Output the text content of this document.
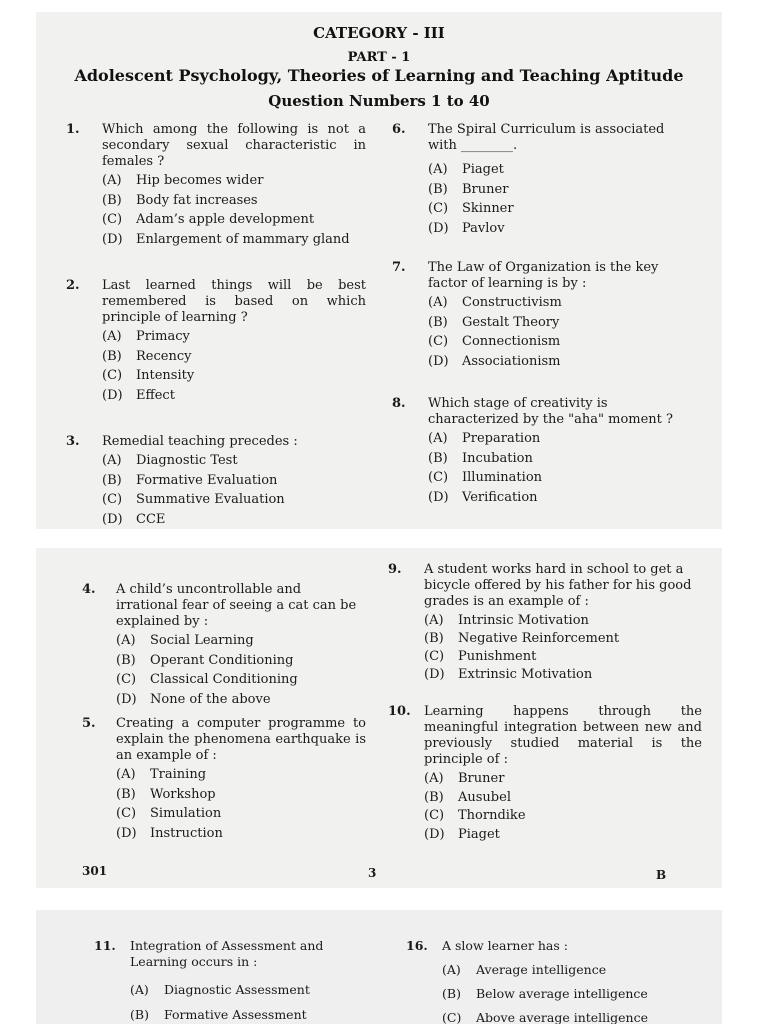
CATEGORY - III
PART - 1
Adolescent Psychology, Theories of Learning and Teaching Aptitude
Question Numbers 1 to 40
1.	Which among the following is not a secondary sexual characteristic in females ?
(A) Hip becomes wider
(B) Body fat increases
(C) Adam’s apple development
(D) Enlargement of mammary gland
2.	Last learned things will be best remembered is based on which principle of learning ?
(A) Primacy
(B) Recency
(C) Intensity
(D) Effect
3.	Remedial teaching precedes :
(A) Diagnostic Test
(B) Formative Evaluation
(C) Summative Evaluation
(D) CCE
6.	The Spiral Curriculum is associated with ________.
(A) Piaget
(B) Bruner
(C) Skinner
(D) Pavlov
7.	The Law of Organization is the key factor of learning is by :
(A) Constructivism
(B) Gestalt Theory
(C) Connectionism
(D) Associationism
8.	Which stage of creativity is characterized by the "aha" moment ?
(A) Preparation
(B) Incubation
(C) Illumination
(D) Verification
4.	A child’s uncontrollable and irrational fear of seeing a cat can be explained by :
(A) Social Learning
(B) Operant Conditioning
(C) Classical Conditioning
(D) None of the above
5.	Creating a computer programme to explain the phenomena earthquake is an example of :
(A) Training
(B) Workshop
(C) Simulation
(D) Instruction
9.	A student works hard in school to get a bicycle offered by his father for his good grades is an example of :
(A) Intrinsic Motivation
(B) Negative Reinforcement
(C) Punishment
(D) Extrinsic Motivation
10.	Learning happens through the meaningful integration between new and previously studied material is the principle of :
(A) Bruner
(B) Ausubel
(C) Thorndike
(D) Piaget
301	3	B
11.	Integration of Assessment and Learning occurs in :
(A) Diagnostic Assessment
(B) Formative Assessment
16.	A slow learner has :
(A) Average intelligence
(B) Below average intelligence
(C) Above average intelligence
